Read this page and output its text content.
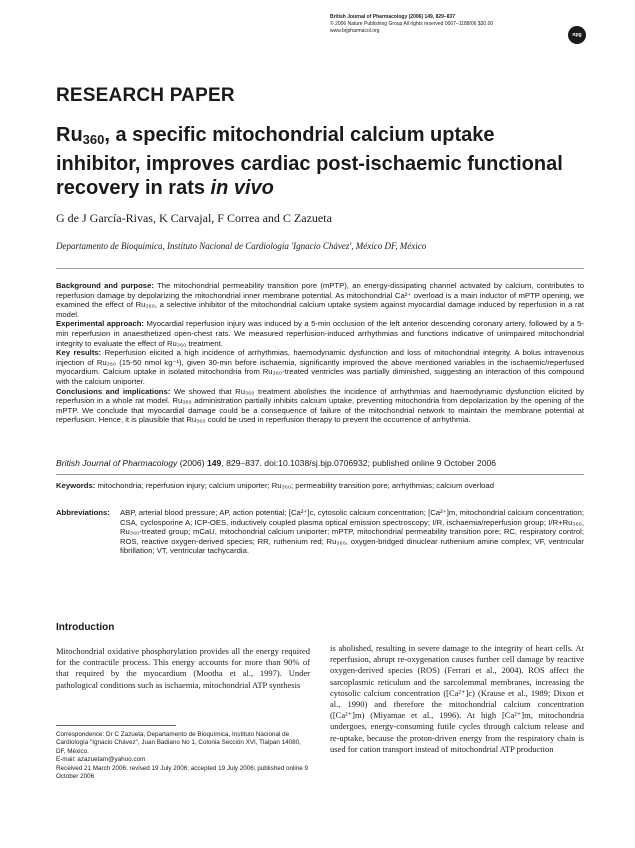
British Journal of Pharmacology (2006) 149, 829–837
© 2006 Nature Publishing Group All rights reserved 0007–1188/06 $30.00
www.brjpharmacol.org
npg
RESEARCH PAPER
$Ru_{360}$, a specific mitochondrial calcium uptake inhibitor, improves cardiac post-ischaemic functional recovery in rats in vivo
G de J García-Rivas, K Carvajal, F Correa and C Zazueta
Departamento de Bioquímica, Instituto Nacional de Cardiología 'Ignacio Chávez', México DF, México

Background and purpose: The mitochondrial permeability transition pore (mPTP), an energy-dissipating channel activated by calcium, contributes to reperfusion damage by depolarizing the mitochondrial inner membrane potential. As mitochondrial Ca²⁺ overload is a main inductor of mPTP opening, we examined the effect of Ru₃₆₀, a selective inhibitor of the mitochondrial calcium uptake system against myocardial damage induced by reperfusion in a rat model.

Experimental approach: Myocardial reperfusion injury was induced by a 5-min occlusion of the left anterior descending coronary artery, followed by a 5-min reperfusion in anaesthetized open-chest rats. We measured reperfusion-induced arrhythmias and functions indicative of unimpaired mitochondrial integrity to evaluate the effect of Ru₃₆₀ treatment.

Key results: Reperfusion elicited a high incidence of arrhythmias, haemodynamic dysfunction and loss of mitochondrial integrity. A bolus intravenous injection of Ru₃₆₀ (15-50 nmol kg⁻¹), given 30-min before ischaemia, significantly improved the above mentioned variables in the ischaemic/reperfused myocardium. Calcium uptake in isolated mitochondria from Ru₃₆₀-treated ventricles was partially diminished, suggesting an interaction of this compound with the calcium uniporter.

Conclusions and implications: We showed that Ru₃₆₀ treatment abolishes the incidence of arrhythmias and haemodynamic dysfunction elicited by reperfusion in a whole rat model. Ru₃₆₀ administration partially inhibits calcium uptake, preventing mitochondria from depolarization by the opening of the mPTP. We conclude that myocardial damage could be a consequence of failure of the mitochondrial network to maintain the membrane potential at reperfusion. Hence, it is plausible that Ru₃₆₀ could be used in reperfusion therapy to prevent the occurrence of arrhythmia.

British Journal of Pharmacology (2006) 149, 829–837. doi:10.1038/sj.bjp.0706932; published online 9 October 2006
Keywords: mitochondria; reperfusion injury; calcium uniporter; Ru₃₆₀; permeability transition pore; arrhythmias; calcium overload
Abbreviations: ABP, arterial blood pressure; AP, action potential; [Ca²⁺]c, cytosolic calcium concentration; [Ca²⁺]m, mitochondrial calcium concentration; CSA, cyclosporine A; ICP-OES, inductively coupled plasma optical emission spectroscopy; I/R, ischaemia/reperfusion group; I/R+Ru₃₆₀, Ru₃₆₀-treated group; mCaU, mitochondrial calcium uniporter; mPTP, mitochondrial permeability transition pore; RC, respiratory control; ROS, reactive oxygen-derived species; RR, ruthenium red; Ru₃₆₀, oxygen-bridged dinuclear ruthenium amine complex; VF, ventricular fibrillation; VT, ventricular tachycardia.
Introduction
Mitochondrial oxidative phosphorylation provides all the energy required for the contractile process. This energy accounts for more than 90% of that required by the myocardium (Mootha et al., 1997). Under pathological conditions such as ischaemia, mitochondrial ATP synthesis
is abolished, resulting in severe damage to the integrity of heart cells. At reperfusion, abrupt re-oxygenation causes further cell damage by reactive oxygen-derived species (ROS) (Ferrari et al., 2004). ROS affect the sarcoplasmic reticulum and the sarcolemmal membranes, increasing the cytosolic calcium concentration ([Ca²⁺]c) (Krause et al., 1989; Dixon et al., 1990) and therefore the mitochondrial calcium concentration ([Ca²⁺]m) (Miyamae et al., 1996). At high [Ca²⁺]m, mitochondria undergoes, energy-consuming futile cycles through calcium release and re-uptake, because the proton-driven energy from the respiratory chain is used for cation transport instead of mitochondrial ATP production

Correspondence: Dr C Zazueta, Departamento de Bioquímica, Instituto Nacional de Cardiología "Ignacio Chávez", Juan Badiano No 1, Colonia Sección XVI, Tlalpan 14080, DF, México.

E-mail: azazuetam@yahoo.com

Received 21 March 2006; revised 19 July 2006; accepted 19 July 2006; published online 9 October 2006
